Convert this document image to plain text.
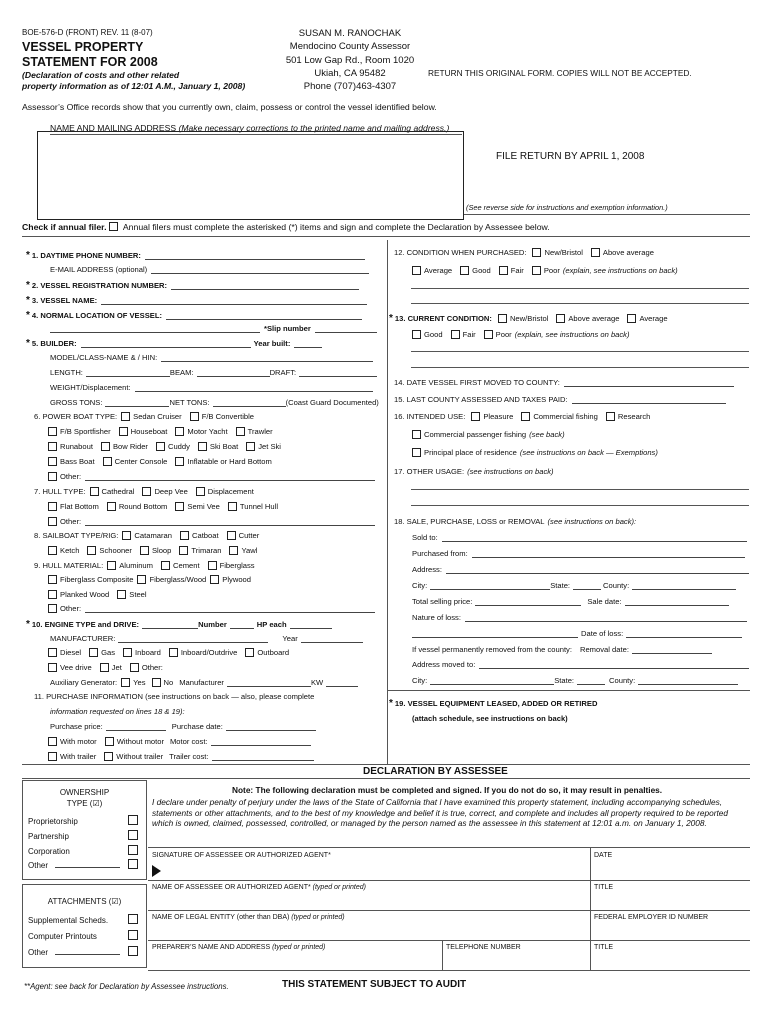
BOE-576-D (FRONT) REV. 11 (8-07)
VESSEL PROPERTY
STATEMENT FOR 2008
(Declaration of costs and other related
property information as of 12:01 A.M., January 1, 2008)
SUSAN M. RANOCHAK
Mendocino County Assessor
501 Low Gap Rd., Room 1020
Ukiah, CA 95482
Phone (707)463-4307
RETURN THIS ORIGINAL FORM. COPIES WILL NOT BE ACCEPTED.
Assessor’s Office records show that you currently own, claim, possess or control the vessel identified below.
NAME AND MAILING ADDRESS (Make necessary corrections to the printed name and mailing address.)
FILE RETURN BY APRIL 1, 2008
(See reverse side for instructions and exemption information.)
Check if annual filer. Annual filers must complete the asterisked (*) items and sign and complete the Declaration by Assessee below.
* 1. DAYTIME PHONE NUMBER:
E-MAIL ADDRESS (optional)
* 2. VESSEL REGISTRATION NUMBER:
* 3. VESSEL NAME:
* 4. NORMAL LOCATION OF VESSEL:
*Slip number
* 5. BUILDER:	Year built:
MODEL/CLASS-NAME & / HIN:
LENGTH:	BEAM:	DRAFT:
WEIGHT/Displacement:
GROSS TONS:	NET TONS:	(Coast Guard Documented)
6. POWER BOAT TYPE: Sedan Cruiser	F/B Convertible
F/B Sportfisher	Houseboat	Motor Yacht	Trawler
Runabout	Bow Rider	Cuddy	Ski Boat	Jet Ski
Bass Boat	Center Console	Inflatable or Hard Bottom
Other:
7. HULL TYPE: Cathedral	Deep Vee	Displacement
Flat Bottom	Round Bottom	Semi Vee	Tunnel Hull
Other:
8. SAILBOAT TYPE/RIG: Catamaran	Catboat	Cutter
Ketch	Schooner	Sloop	Trimaran	Yawl
9. HULL MATERIAL: Aluminum	Cement	Fiberglass
Fiberglass Composite Fiberglass/Wood Plywood
Planked Wood	Steel
Other:
* 10. ENGINE TYPE and DRIVE:	Number	HP each
MANUFACTURER:	Year
Diesel	Gas	Inboard	Inboard/Outdrive	Outboard
Vee drive	Jet	Other:
Auxiliary Generator: Yes No Manufacturer	KW
11. PURCHASE INFORMATION (see instructions on back — also, please complete
information requested on lines 18 & 19):
Purchase price:	Purchase date:
With motor	Without motor Motor cost:
With trailer	Without trailer Trailer cost:
12. CONDITION WHEN PURCHASED: New/Bristol	Above average
Average	Good	Fair	Poor (explain, see instructions on back)
* 13. CURRENT CONDITION: New/Bristol	Above average	Average
Good	Fair	Poor (explain, see instructions on back)
14. DATE VESSEL FIRST MOVED TO COUNTY:
15. LAST COUNTY ASSESSED AND TAXES PAID:
16. INTENDED USE: Pleasure	Commercial fishing	Research
Commercial passenger fishing (see back)
Principal place of residence (see instructions on back — Exemptions)
17. OTHER USAGE: (see instructions on back)
18. SALE, PURCHASE, LOSS or REMOVAL (see instructions on back):
Sold to:
Purchased from:
Address:
City:	State:	County:
Total selling price:	Sale date:
Nature of loss:
Date of loss:
If vessel permanently removed from the county: Removal date:
Address moved to:
City:	State:	County:
* 19. VESSEL EQUIPMENT LEASED, ADDED OR RETIRED
(attach schedule, see instructions on back)
DECLARATION BY ASSESSEE
OWNERSHIP
TYPE (☑)
Proprietorship
Partnership
Corporation
Other
ATTACHMENTS (☑)
Supplemental Scheds.
Computer Printouts
Other
Note: The following declaration must be completed and signed. If you do not do so, it may result in penalties.
I declare under penalty of perjury under the laws of the State of California that I have examined this property statement, including accompanying schedules, statements or other attachments, and to the best of my knowledge and belief it is true, correct, and complete and includes all property required to be reported which is owned, claimed, possessed, controlled, or managed by the person named as the assessee in this statement at 12:01 a.m. on January 1, 2008.
SIGNATURE OF ASSESSEE OR AUTHORIZED AGENT*	DATE
NAME OF ASSESSEE OR AUTHORIZED AGENT* (typed or printed)	TITLE
NAME OF LEGAL ENTITY (other than DBA) (typed or printed)	FEDERAL EMPLOYER ID NUMBER
PREPARER’S NAME AND ADDRESS (typed or printed)	TELEPHONE NUMBER	TITLE
**Agent: see back for Declaration by Assessee instructions.	THIS STATEMENT SUBJECT TO AUDIT
